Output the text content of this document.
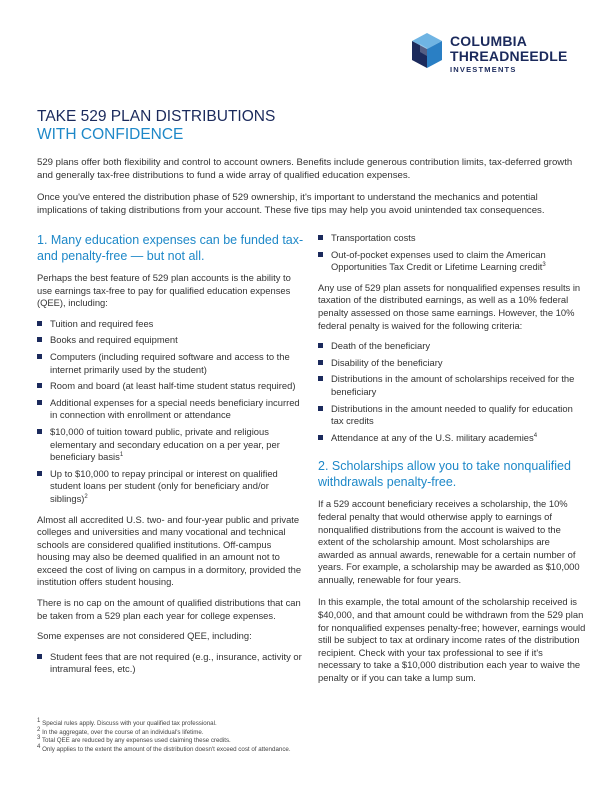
COLUMBIA
THREADNEEDLE
INVESTMENTS
TAKE 529 PLAN DISTRIBUTIONS
WITH CONFIDENCE

529 plans offer both flexibility and control to account owners. Benefits include generous contribution limits, tax-deferred growth and generally tax-free distributions to fund a wide array of qualified education expenses.

Once you've entered the distribution phase of 529 ownership, it's important to understand the mechanics and potential implications of taking distributions from your account. These five tips may help you avoid unintended tax consequences.

1. Many education expenses can be funded tax-and penalty-free — but not all.

Perhaps the best feature of 529 plan accounts is the ability to use earnings tax-free to pay for qualified education expenses (QEE), including:

Tuition and required fees
Books and required equipment
Computers (including required software and access to the internet primarily used by the student)
Room and board (at least half-time student status required)
Additional expenses for a special needs beneficiary incurred in connection with enrollment or attendance
$10,000 of tuition toward public, private and religious elementary and secondary education on a per year, per beneficiary basis$^1$
Up to $10,000 to repay principal or interest on qualified student loans per student (only for beneficiary and/or siblings)$^2$

Almost all accredited U.S. two- and four-year public and private colleges and universities and many vocational and technical schools are considered qualified institutions. Off-campus housing may also be deemed qualified in an amount not to exceed the cost of living on campus in a dormitory, provided the institution offers student housing.

There is no cap on the amount of qualified distributions that can be taken from a 529 plan each year for college expenses.

Some expenses are not considered QEE, including:

Student fees that are not required (e.g., insurance, activity or intramural fees, etc.)
Transportation costs
Out-of-pocket expenses used to claim the American Opportunities Tax Credit or Lifetime Learning credit$^3$

Any use of 529 plan assets for nonqualified expenses results in taxation of the distributed earnings, as well as a 10% federal penalty assessed on those same earnings. However, the 10% federal penalty is waived for the following criteria:

Death of the beneficiary
Disability of the beneficiary
Distributions in the amount of scholarships received for the beneficiary
Distributions in the amount needed to qualify for education tax credits
Attendance at any of the U.S. military academies$^4$
2. Scholarships allow you to take nonqualified withdrawals penalty-free.

If a 529 account beneficiary receives a scholarship, the 10% federal penalty that would otherwise apply to earnings of nonqualified distributions from the account is waived to the extent of the scholarship amount. Most scholarships are awarded as annual awards, renewable for a certain number of years. For example, a scholarship may be awarded as $10,000 annually, renewable for four years.

In this example, the total amount of the scholarship received is $40,000, and that amount could be withdrawn from the 529 plan for nonqualified expenses penalty-free; however, earnings would still be subject to tax at ordinary income rates of the distribution recipient. Check with your tax professional to see if it's necessary to take a $10,000 distribution each year to waive the penalty or if you can take a lump sum.

$^1$ Special rules apply. Discuss with your qualified tax professional.
$^2$ In the aggregate, over the course of an individual's lifetime.
$^3$ Total QEE are reduced by any expenses used claiming these credits.
$^4$ Only applies to the extent the amount of the distribution doesn't exceed cost of attendance.
